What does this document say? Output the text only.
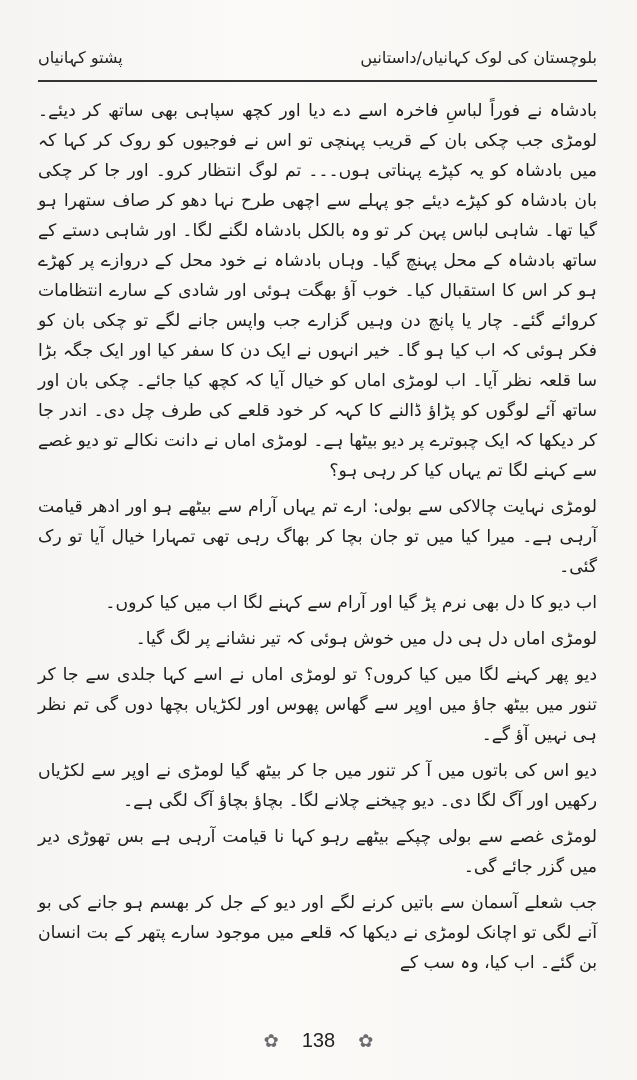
بلوچستان کی لوک کہانیاں/داستانیں
پشتو کہانیاں

بادشاہ نے فوراً لباسِ فاخرہ اسے دے دیا اور کچھ سپاہی بھی ساتھ کر دیئے۔ لومڑی جب چکی بان کے قریب پہنچی تو اس نے فوجیوں کو روک کر کہا کہ میں بادشاہ کو یہ کپڑے پہناتی ہوں۔۔۔ تم لوگ انتظار کرو۔ اور جا کر چکی بان بادشاہ کو کپڑے دیئے جو پہلے سے اچھی طرح نہا دھو کر صاف ستھرا ہو گیا تھا۔ شاہی لباس پہن کر تو وہ بالکل بادشاہ لگنے لگا۔ اور شاہی دستے کے ساتھ بادشاہ کے محل پہنچ گیا۔ وہاں بادشاہ نے خود محل کے دروازے پر کھڑے ہو کر اس کا استقبال کیا۔ خوب آؤ بھگت ہوئی اور شادی کے سارے انتظامات کروائے گئے۔ چار یا پانچ دن وہیں گزارے جب واپس جانے لگے تو چکی بان کو فکر ہوئی کہ اب کیا ہو گا۔ خیر انہوں نے ایک دن کا سفر کیا اور ایک جگہ بڑا سا قلعہ نظر آیا۔ اب لومڑی اماں کو خیال آیا کہ کچھ کیا جائے۔ چکی بان اور ساتھ آئے لوگوں کو پڑاؤ ڈالنے کا کہہ کر خود قلعے کی طرف چل دی۔ اندر جا کر دیکھا کہ ایک چبوترے پر دیو بیٹھا ہے۔ لومڑی اماں نے دانت نکالے تو دیو غصے سے کہنے لگا تم یہاں کیا کر رہی ہو؟

لومڑی نہایت چالاکی سے بولی: ارے تم یہاں آرام سے بیٹھے ہو اور ادھر قیامت آرہی ہے۔ میرا کیا میں تو جان بچا کر بھاگ رہی تھی تمہارا خیال آیا تو رک گئی۔

اب دیو کا دل بھی نرم پڑ گیا اور آرام سے کہنے لگا اب میں کیا کروں۔

لومڑی اماں دل ہی دل میں خوش ہوئی کہ تیر نشانے پر لگ گیا۔

دیو پھر کہنے لگا میں کیا کروں؟ تو لومڑی اماں نے اسے کہا جلدی سے جا کر تنور میں بیٹھ جاؤ میں اوپر سے گھاس پھوس اور لکڑیاں بچھا دوں گی تم نظر ہی نہیں آؤ گے۔

دیو اس کی باتوں میں آ کر تنور میں جا کر بیٹھ گیا لومڑی نے اوپر سے لکڑیاں رکھیں اور آگ لگا دی۔ دیو چیخنے چلانے لگا۔ بچاؤ بچاؤ آگ لگی ہے۔

لومڑی غصے سے بولی چپکے بیٹھے رہو کہا نا قیامت آرہی ہے بس تھوڑی دیر میں گزر جائے گی۔

جب شعلے آسمان سے باتیں کرنے لگے اور دیو کے جل کر بھسم ہو جانے کی بو آنے لگی تو اچانک لومڑی نے دیکھا کہ قلعے میں موجود سارے پتھر کے بت انسان بن گئے۔ اب کیا، وہ سب کے

✿ 138 ✿
